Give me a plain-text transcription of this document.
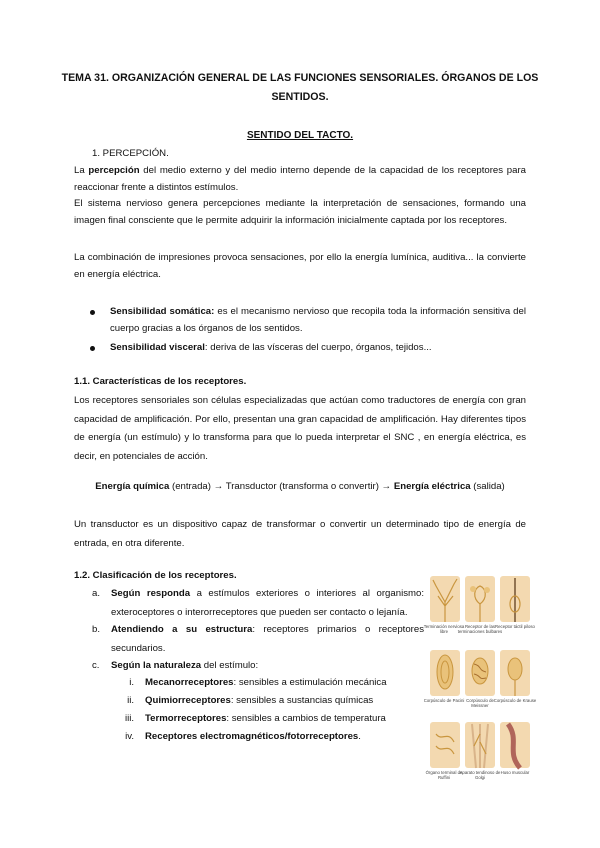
TEMA 31. ORGANIZACIÓN GENERAL DE LAS FUNCIONES SENSORIALES. ÓRGANOS DE LOS
SENTIDOS.
SENTIDO DEL TACTO.
1. PERCEPCIÓN.
La percepción del medio externo y del medio interno depende de la capacidad de los receptores para reaccionar frente a distintos estímulos.
El sistema nervioso genera percepciones mediante la interpretación de sensaciones, formando una imagen final consciente que le permite adquirir la información inicialmente captada por los receptores.
La combinación de impresiones provoca sensaciones, por ello la energía lumínica, auditiva... la convierte en energía eléctrica.
Sensibilidad somática: es el mecanismo nervioso que recopila toda la información sensitiva del cuerpo gracias a los órganos de los sentidos.
Sensibilidad visceral: deriva de las vísceras del cuerpo, órganos, tejidos...
1.1. Características de los receptores.
Los receptores sensoriales son células especializadas que actúan como traductores de energía con gran capacidad de amplificación. Por ello, presentan una gran capacidad de amplificación. Hay diferentes tipos de energía (un estímulo) y lo transforma para que lo pueda interpretar el SNC , en energía eléctrica, es decir, en potenciales de acción.
Energía química (entrada) → Transductor (transforma o convertir) → Energía eléctrica (salida)
Un transductor es un dispositivo capaz de transformar o convertir un determinado tipo de energía de entrada, en otra diferente.
1.2. Clasificación de los receptores.
a. Según responda a estímulos exteriores o interiores al organismo: exteroceptores o interorreceptores que pueden ser contacto o lejanía.
b. Atendiendo a su estructura: receptores primarios o receptores secundarios.
c. Según la naturaleza del estímulo:
i. Mecanorreceptores: sensibles a estimulación mecánica
ii. Quimiorreceptores: sensibles a sustancias químicas
iii. Termorreceptores: sensibles a cambios de temperatura
iv. Receptores electromagnéticos/fotorreceptores.
Terminación nerviosa libre
Receptor de las terminaciones bulbares
Receptor táctil piloso
Corpúsculo de Pacini Corpúsculo de Meissner
Corpúsculo de Krause
Órgano terminal de Ruffini
Aparato tendinoso de Golgi
Huso muscular
